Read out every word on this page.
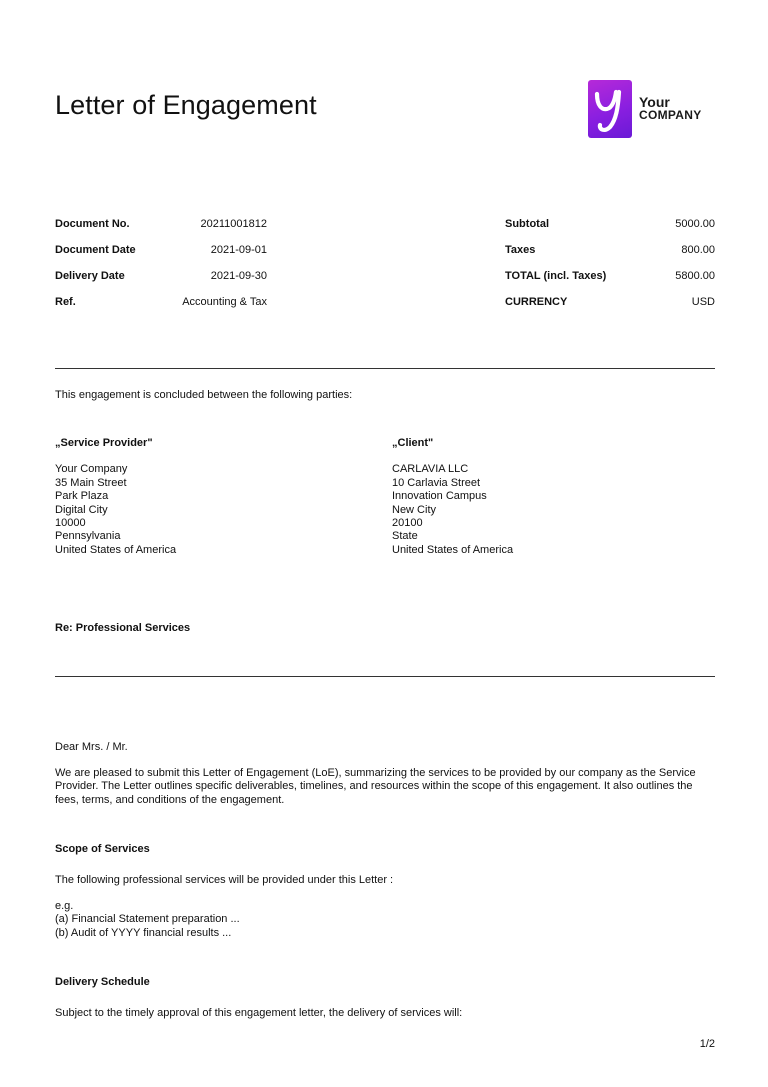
Letter of Engagement	Your
COMPANY
Document No.	20211001812
Document Date	2021-09-01
Delivery Date	2021-09-30
Ref.	Accounting & Tax
Subtotal	5000.00
Taxes	800.00
TOTAL (incl. Taxes)	5800.00
CURRENCY	USD
This engagement is concluded between the following parties:
„Service Provider"
Your Company
35 Main Street
Park Plaza
Digital City
10000
Pennsylvania
United States of America
„Client"
CARLAVIA LLC
10 Carlavia Street
Innovation Campus
New City
20100
State
United States of America
Re: Professional Services
Dear Mrs. / Mr.
We are pleased to submit this Letter of Engagement (LoE), summarizing the services to be provided by our company as the Service Provider. The Letter outlines specific deliverables, timelines, and resources within the scope of this engagement. It also outlines the fees, terms, and conditions of the engagement.
Scope of Services
The following professional services will be provided under this Letter :
e.g.
(a) Financial Statement preparation ...
(b) Audit of YYYY financial results ...
Delivery Schedule
Subject to the timely approval of this engagement letter, the delivery of services will:
1/2
